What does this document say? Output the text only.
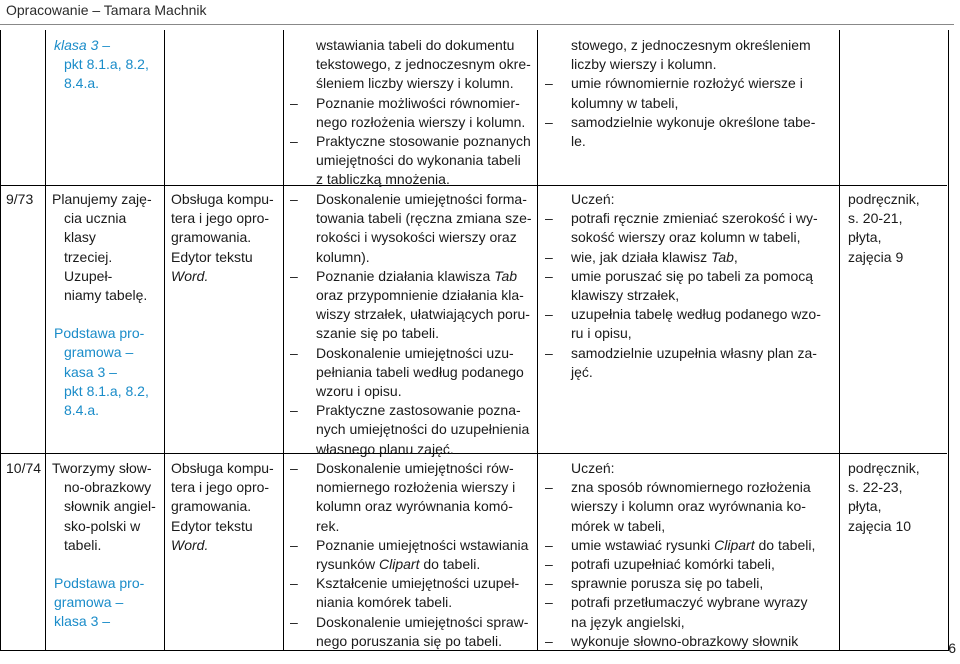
Opracowanie – Tamara Machnik

klasa 3 –

pkt 8.1.a, 8.2,

8.4.a.

wstawiania tabeli do dokumentu
tekstowego, z jednoczesnym okre-
śleniem liczby wierszy i kolumn.
– Poznanie możliwości równomier-
nego rozłożenia wierszy i kolumn.
– Praktyczne stosowanie poznanych
umiejętności do wykonania tabeli
z tabliczką mnożenia.
stowego, z jednoczesnym określeniem
liczby wierszy i kolumn.
– umie równomiernie rozłożyć wiersze i
kolumny w tabeli,
– samodzielnie wykonuje określone tabe-
le.
9/73	Planujemy zaję-

cia ucznia klasy

trzeciej. Uzupeł-

niamy tabelę.

Podstawa pro-

gramowa –

kasa 3 –

pkt 8.1.a, 8.2,

8.4.a.

Obsługa kompu-

tera i jego opro-

gramowania.

Edytor tekstu

Word.

– Doskonalenie umiejętności forma-
towania tabeli (ręczna zmiana sze-
rokości i wysokości wierszy oraz
kolumn).
– Poznanie działania klawisza Tab
oraz przypomnienie działania kla-
wiszy strzałek, ułatwiających poru-
szanie się po tabeli.
– Doskonalenie umiejętności uzu-
pełniania tabeli według podanego
wzoru i opisu.
– Praktyczne zastosowanie pozna-
nych umiejętności do uzupełnienia
własnego planu zajęć.

Uczeń:

– potrafi ręcznie zmieniać szerokość i wy-
sokość wierszy oraz kolumn w tabeli,
– wie, jak działa klawisz Tab,
– umie poruszać się po tabeli za pomocą
klawiszy strzałek,
– uzupełnia tabelę według podanego wzo-
ru i opisu,
– samodzielnie uzupełnia własny plan za-
jęć.

podręcznik,

s. 20-21,

płyta,

zajęcia 9

10/74 Tworzymy słow-

no-obrazkowy

słownik angiel-

sko-polski w

tabeli.

Podstawa pro-

gramowa –

klasa 3 –

Obsługa kompu-

tera i jego opro-

gramowania.

Edytor tekstu

Word.

– Doskonalenie umiejętności rów-
nomiernego rozłożenia wierszy i
kolumn oraz wyrównania komó-
rek.
– Poznanie umiejętności wstawiania
rysunków Clipart do tabeli.
– Kształcenie umiejętności uzupeł-
niania komórek tabeli.
– Doskonalenie umiejętności spraw-
nego poruszania się po tabeli.

Uczeń:

– zna sposób równomiernego rozłożenia
wierszy i kolumn oraz wyrównania ko-
mórek w tabeli,
– umie wstawiać rysunki Clipart do tabeli,
– potrafi uzupełniać komórki tabeli,
– sprawnie porusza się po tabeli,
– potrafi przetłumaczyć wybrane wyrazy
na język angielski,
– wykonuje słowno-obrazkowy słownik

podręcznik,

s. 22-23,

płyta,

zajęcia 10

6
